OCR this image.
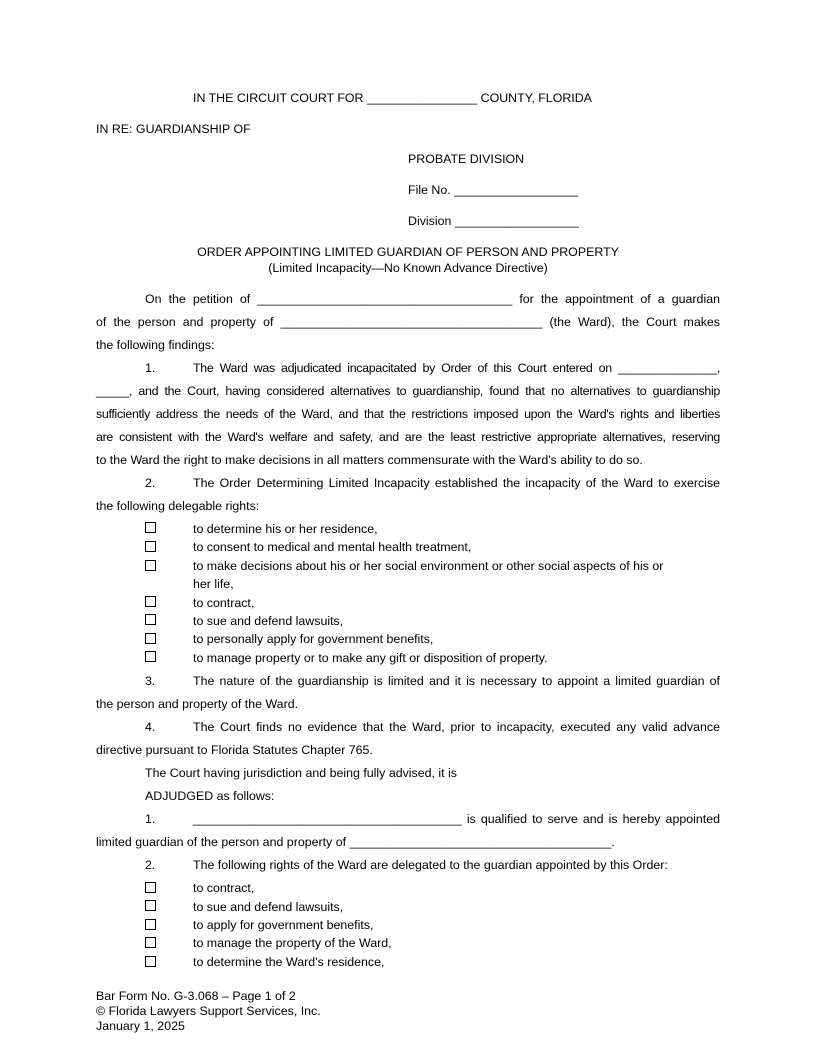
IN THE CIRCUIT COURT FOR ________________ COUNTY, FLORIDA
IN RE: GUARDIANSHIP OF
PROBATE DIVISION
File No. __________________
Division __________________
ORDER APPOINTING LIMITED GUARDIAN OF PERSON AND PROPERTY
(Limited Incapacity—No Known Advance Directive)
On the petition of _____________________________________ for the appointment of a guardian
of the person and property of ______________________________________ (the Ward), the Court makes
the following findings:
1.	The Ward was adjudicated incapacitated by Order of this Court entered on _______________,
_____, and the Court, having considered alternatives to guardianship, found that no alternatives to guardianship
sufficiently address the needs of the Ward, and that the restrictions imposed upon the Ward's rights and liberties
are consistent with the Ward's welfare and safety, and are the least restrictive appropriate alternatives, reserving
to the Ward the right to make decisions in all matters commensurate with the Ward's ability to do so.
2.	The Order Determining Limited Incapacity established the incapacity of the Ward to exercise
the following delegable rights:
to determine his or her residence,
to consent to medical and mental health treatment,
to make decisions about his or her social environment or other social aspects of his or
her life,
to contract,
to sue and defend lawsuits,
to personally apply for government benefits,
to manage property or to make any gift or disposition of property.
3.	The nature of the guardianship is limited and it is necessary to appoint a limited guardian of
the person and property of the Ward.
4.	The Court finds no evidence that the Ward, prior to incapacity, executed any valid advance
directive pursuant to Florida Statutes Chapter 765.
The Court having jurisdiction and being fully advised, it is
ADJUDGED as follows:
1.	_______________________________________ is qualified to serve and is hereby appointed
limited guardian of the person and property of ______________________________________.
2.	The following rights of the Ward are delegated to the guardian appointed by this Order:
to contract,
to sue and defend lawsuits,
to apply for government benefits,
to manage the property of the Ward,
to determine the Ward’s residence,
Bar Form No. G-3.068 – Page 1 of 2
© Florida Lawyers Support Services, Inc.
January 1, 2025
